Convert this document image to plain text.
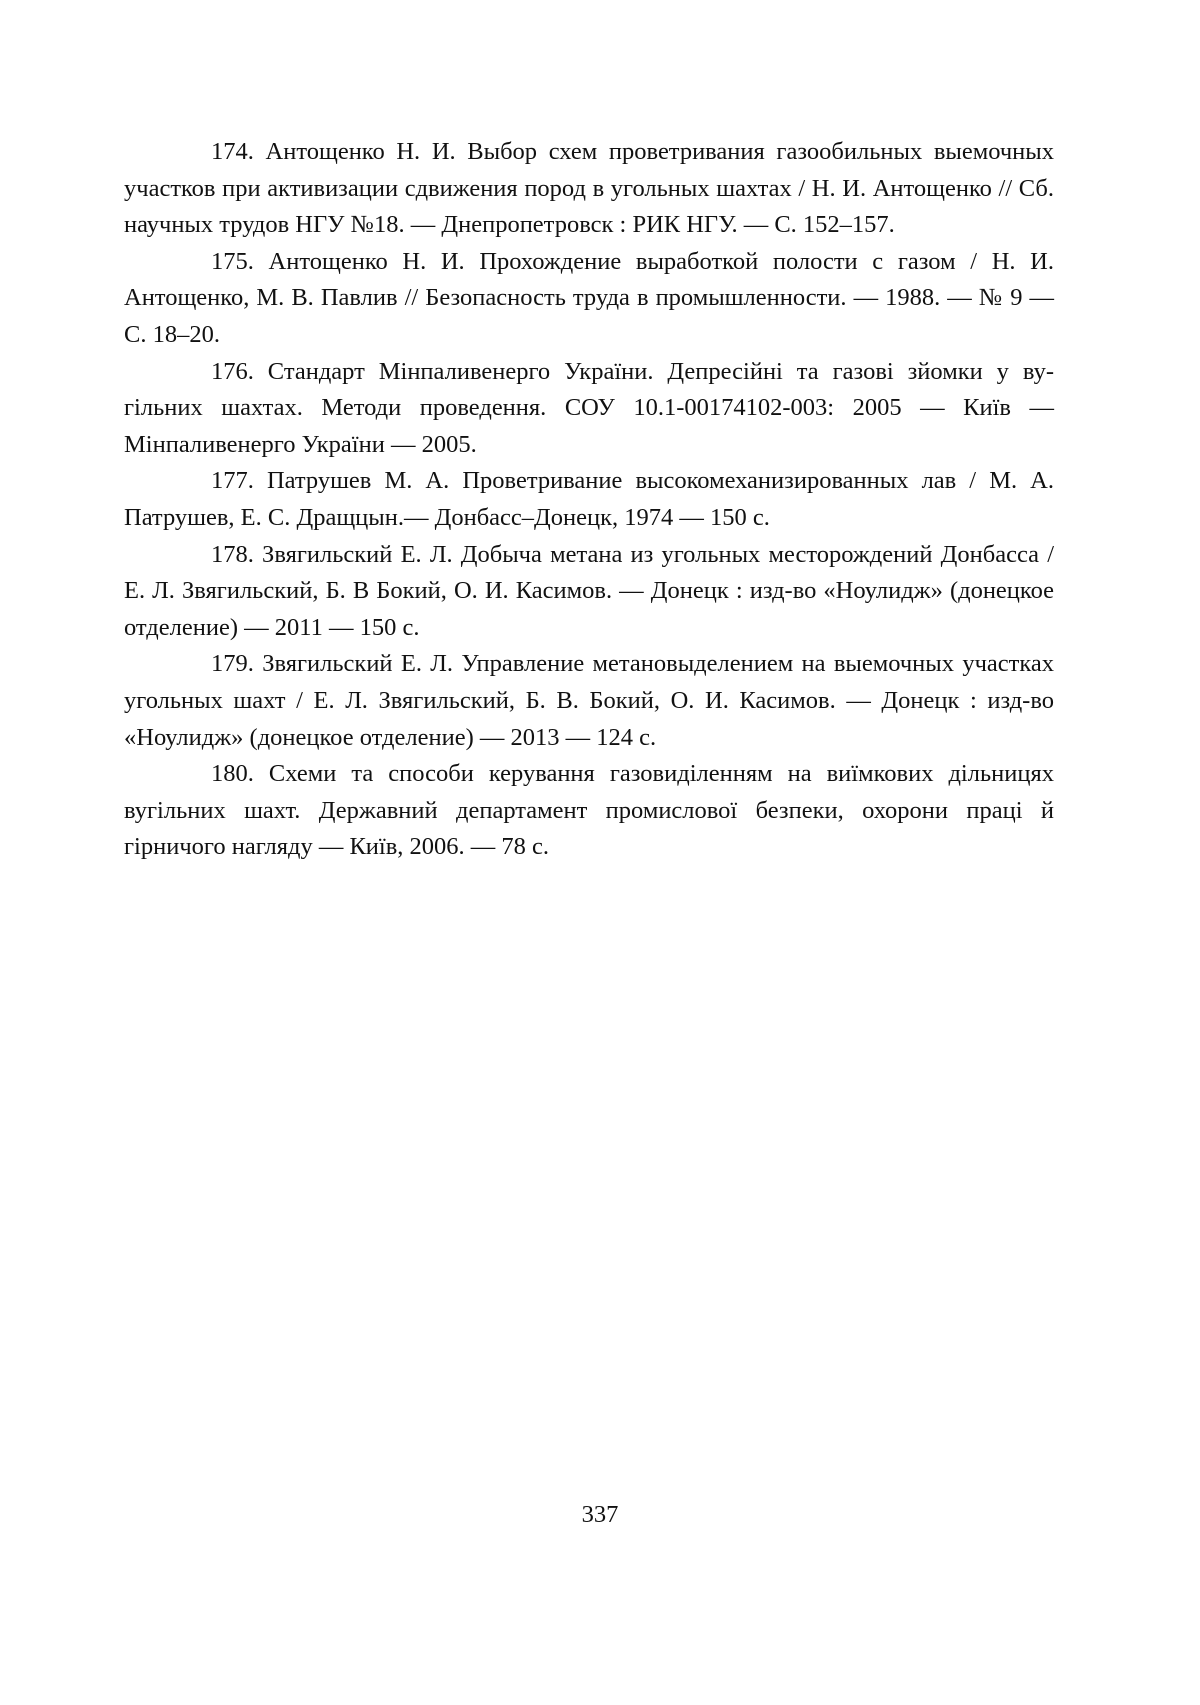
174. Антощенко Н. И. Выбор схем проветривания газообильных выемочных участков при активизации сдвижения пород в угольных шахтах / Н. И. Антощенко // Сб. научных трудов НГУ №18. — Днепропетровск : РИК НГУ. — С. 152–157.
175. Антощенко Н. И. Прохождение выработкой полости с газом / Н. И. Антощенко, М. В. Павлив // Безопасность труда в промышленности. — 1988. — № 9 — С. 18–20.
176. Стандарт Мінпаливенерго України. Депресійні та газові зйомки у вугільних шахтах. Методи проведення. СОУ 10.1-00174102-003: 2005 — Київ — Мінпаливенерго України — 2005.
177. Патрушев М. А. Проветривание высокомеханизированных лав / М. А. Патрушев, Е. С. Дращцын.— Донбасс–Донецк, 1974 — 150 с.
178. Звягильский Е. Л. Добыча метана из угольных месторождений Донбасса / Е. Л. Звягильский, Б. В Бокий, О. И. Касимов. — Донецк : изд-во «Ноулидж» (донецкое отделение) — 2011 — 150 с.
179. Звягильский Е. Л. Управление метановыделением на выемочных участках угольных шахт / Е. Л. Звягильский, Б. В. Бокий, О. И. Касимов. — Донецк : изд-во «Ноулидж» (донецкое отделение) — 2013 — 124 с.
180. Схеми та способи керування газовиділенням на виїмкових дільницях вугільних шахт. Державний департамент промислової безпеки, охорони праці й гірничого нагляду — Київ, 2006. — 78 с.
337
